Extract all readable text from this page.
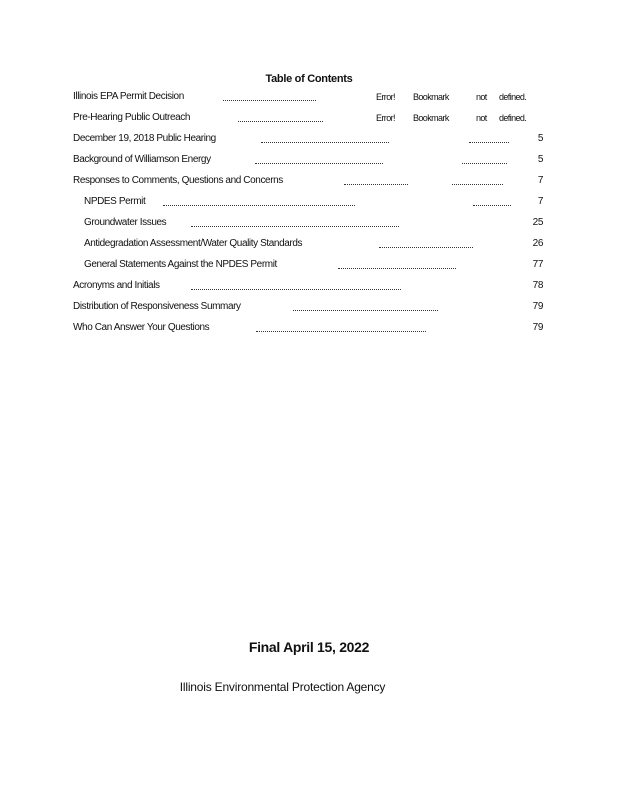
Table of Contents
Illinois EPA Permit Decision	Error! Bookmark	not defined.
Pre-Hearing Public Outreach	Error! Bookmark	not defined.
December 19, 2018 Public Hearing	5
Background of Williamson Energy	5
Responses to Comments, Questions and Concerns	7
NPDES Permit	7
Groundwater Issues	25
Antidegradation Assessment/Water Quality Standards	26
General Statements Against the NPDES Permit	77
Acronyms and Initials	78
Distribution of Responsiveness Summary	79
Who Can Answer Your Questions	79
Final April 15, 2022
Illinois Environmental Protection Agency
